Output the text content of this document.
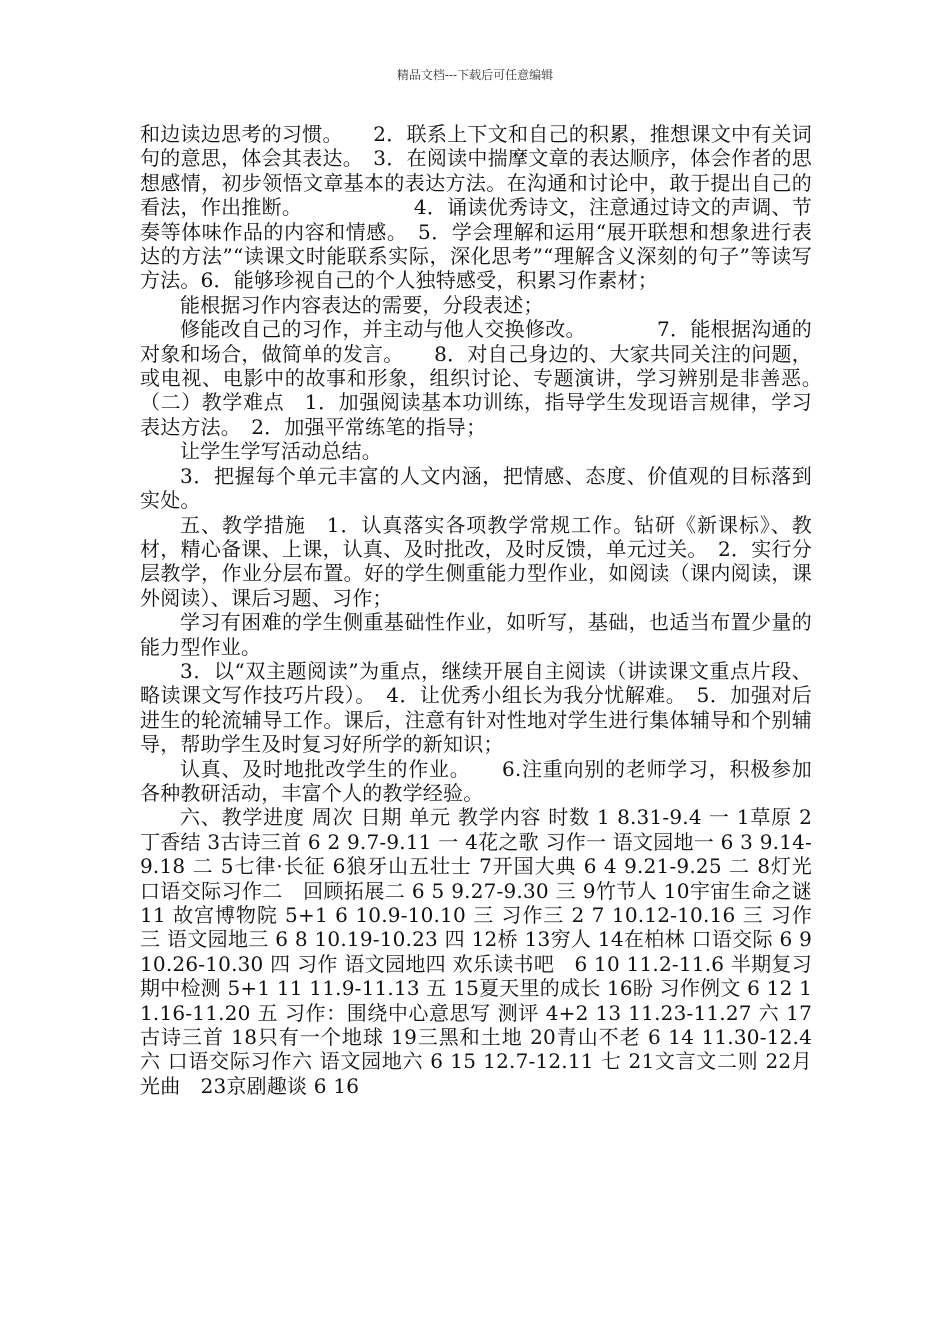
精品文档---下载后可任意编辑

和边读边思考的习惯。　　2．联系上下文和自己的积累，推想课文中有关词句的意思，体会其表达。　3．在阅读中揣摩文章的表达顺序，体会作者的思想感情，初步领悟文章基本的表达方法。在沟通和讨论中，敢于提出自己的看法，作出推断。　　　　　　4．诵读优秀诗文，注意通过诗文的声调、节奏等体味作品的内容和情感。　5．学会理解和运用“展开联想和想象进行表达的方法”“读课文时能联系实际，深化思考”“理解含义深刻的句子”等读写方法。6．能够珍视自己的个人独特感受，积累习作素材；

能根据习作内容表达的需要，分段表述；

修能改自己的习作，并主动与他人交换修改。　　　　7．能根据沟通的对象和场合，做简单的发言。　　8．对自己身边的、大家共同关注的问题，或电视、电影中的故事和形象，组织讨论、专题演讲，学习辨别是非善恶。　（二）教学难点　1．加强阅读基本功训练，指导学生发现语言规律，学习表达方法。　2．加强平常练笔的指导；

让学生学写活动总结。

3．把握每个单元丰富的人文内涵，把情感、态度、价值观的目标落到实处。

五、教学措施　1．认真落实各项教学常规工作。钻研《新课标》、教材，精心备课、上课，认真、及时批改，及时反馈，单元过关。　2．实行分层教学，作业分层布置。好的学生侧重能力型作业，如阅读（课内阅读，课外阅读）、课后习题、习作；

学习有困难的学生侧重基础性作业，如听写，基础，也适当布置少量的能力型作业。

3．以“双主题阅读”为重点，继续开展自主阅读（讲读课文重点片段、略读课文写作技巧片段）。　4．让优秀小组长为我分忧解难。　5．加强对后进生的轮流辅导工作。课后，注意有针对性地对学生进行集体辅导和个别辅导，帮助学生及时复习好所学的新知识；

认真、及时地批改学生的作业。　　6.注重向别的老师学习，积极参加各种教研活动，丰富个人的教学经验。

六、教学进度 周次 日期 单元 教学内容 时数 1 8.31-9.4 一 1草原 2丁香结 3古诗三首 6 2 9.7-9.11 一 4花之歌 习作一 语文园地一 6 3 9.14-9.18 二 5七律·长征 6狼牙山五壮士 7开国大典 6 4 9.21-9.25 二 8灯光 口语交际习作二　回顾拓展二 6 5 9.27-9.30 三 9竹节人 10宇宙生命之谜 11 故宫博物院 5+1 6 10.9-10.10 三 习作三 2 7 10.12-10.16 三 习作三 语文园地三 6 8 10.19-10.23 四 12桥 13穷人 14在柏林 口语交际 6 9 10.26-10.30 四 习作 语文园地四 欢乐读书吧　6 10 11.2-11.6 半期复习 期中检测 5+1 11 11.9-11.13 五 15夏天里的成长 16盼 习作例文 6 12 11.16-11.20 五 习作：围绕中心意思写 测评 4+2 13 11.23-11.27 六 17古诗三首 18只有一个地球 19三黑和土地 20青山不老 6 14 11.30-12.4 六 口语交际习作六 语文园地六 6 15 12.7-12.11 七 21文言文二则 22月光曲　23京剧趣谈 6 16
